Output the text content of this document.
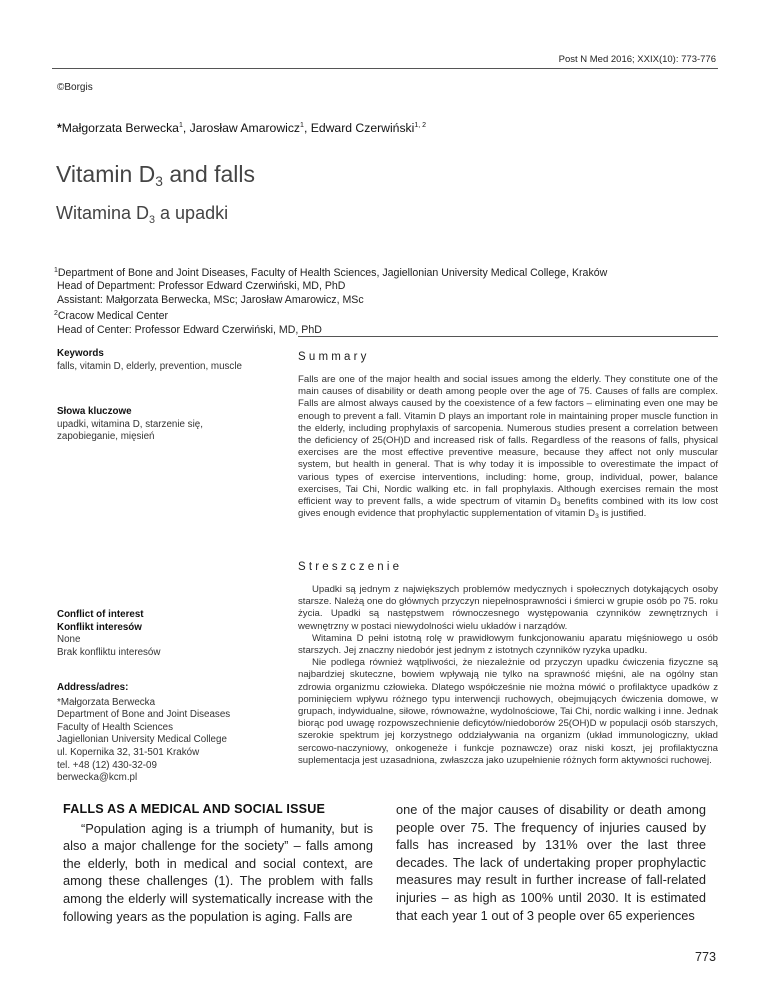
Post N Med 2016; XXIX(10): 773-776
©Borgis
*Małgorzata Berwecka$^1$, Jarosław Amarowicz$^1$, Edward Czerwiński$^{1, 2}$
Vitamin $D_3$ and falls
Witamina $D_3$ a upadki
$^1$Department of Bone and Joint Diseases, Faculty of Health Sciences, Jagiellonian University Medical College, Kraków
Head of Department: Professor Edward Czerwiński, MD, PhD
Assistant: Małgorzata Berwecka, MSc; Jarosław Amarowicz, MSc
$^2$Cracow Medical Center
Head of Center: Professor Edward Czerwiński, MD, PhD

Keywords

falls, vitamin D, elderly, prevention, muscle

Słowa kluczowe

upadki, witamina D, starzenie się, zapobieganie, mięsień

Conflict of interest

Konflikt interesów

None

Brak konfliktu interesów

Address/adres:

*Małgorzata Berwecka

Department of Bone and Joint Diseases

Faculty of Health Sciences

Jagiellonian University Medical College

ul. Kopernika 32, 31-501 Kraków

tel. +48 (12) 430-32-09

berwecka@kcm.pl

Summary

Falls are one of the major health and social issues among the elderly. They constitute one of the main causes of disability or death among people over the age of 75. Causes of falls are complex. Falls are almost always caused by the coexistence of a few factors – eliminating even one may be enough to prevent a fall. Vitamin D plays an important role in maintaining proper muscle function in the elderly, including prophylaxis of sarcopenia. Numerous studies present a correlation between the deficiency of 25(OH)D and increased risk of falls. Regardless of the reasons of falls, physical exercises are the most effective preventive measure, because they affect not only muscular system, but health in general. That is why today it is impossible to overestimate the impact of various types of exercise interventions, including: home, group, individual, power, balance exercises, Tai Chi, Nordic walking etc. in fall prophylaxis. Although exercises remain the most efficient way to prevent falls, a wide spectrum of vitamin $D_3$ benefits combined with its low cost gives enough evidence that prophylactic supplementation of vitamin $D_3$ is justified.

Streszczenie

Upadki są jednym z największych problemów medycznych i społecznych dotykających osoby starsze. Należą one do głównych przyczyn niepełnosprawności i śmierci w grupie osób po 75. roku życia. Upadki są następstwem równoczesnego występowania czynników zewnętrznych i wewnętrzny w postaci niewydolności wielu układów i narządów.

Witamina D pełni istotną rolę w prawidłowym funkcjonowaniu aparatu mięśniowego u osób starszych. Jej znaczny niedobór jest jednym z istotnych czynników ryzyka upadku.

Nie podlega również wątpliwości, że niezależnie od przyczyn upadku ćwiczenia fizyczne są najbardziej skuteczne, bowiem wpływają nie tylko na sprawność mięśni, ale na ogólny stan zdrowia organizmu człowieka. Dlatego współcześnie nie można mówić o profilaktyce upadków z pominięciem wpływu różnego typu interwencji ruchowych, obejmujących ćwiczenia domowe, w grupach, indywidualne, siłowe, równoważne, wydolnościowe, Tai Chi, nordic walking i inne. Jednak biorąc pod uwagę rozpowszechnienie deficytów/niedoborów 25(OH)D w populacji osób starszych, szerokie spektrum jej korzystnego oddziaływania na organizm (układ immunologiczny, układ sercowo-naczyniowy, onkogeneże i funkcje poznawcze) oraz niski koszt, jej profilaktyczna suplementacja jest uzasadniona, zwłaszcza jako uzupełnienie różnych form aktywności ruchowej.

FALLS AS A MEDICAL AND SOCIAL ISSUE

“Population aging is a triumph of humanity, but is also a major challenge for the society” – falls among the elderly, both in medical and social context, are among these challenges (1). The problem with falls among the elderly will systematically increase with the following years as the population is aging. Falls are

one of the major causes of disability or death among people over 75. The frequency of injuries caused by falls has increased by 131% over the last three decades. The lack of undertaking proper prophylactic measures may result in further increase of fall-related injuries – as high as 100% until 2030. It is estimated that each year 1 out of 3 people over 65 experiences

773
